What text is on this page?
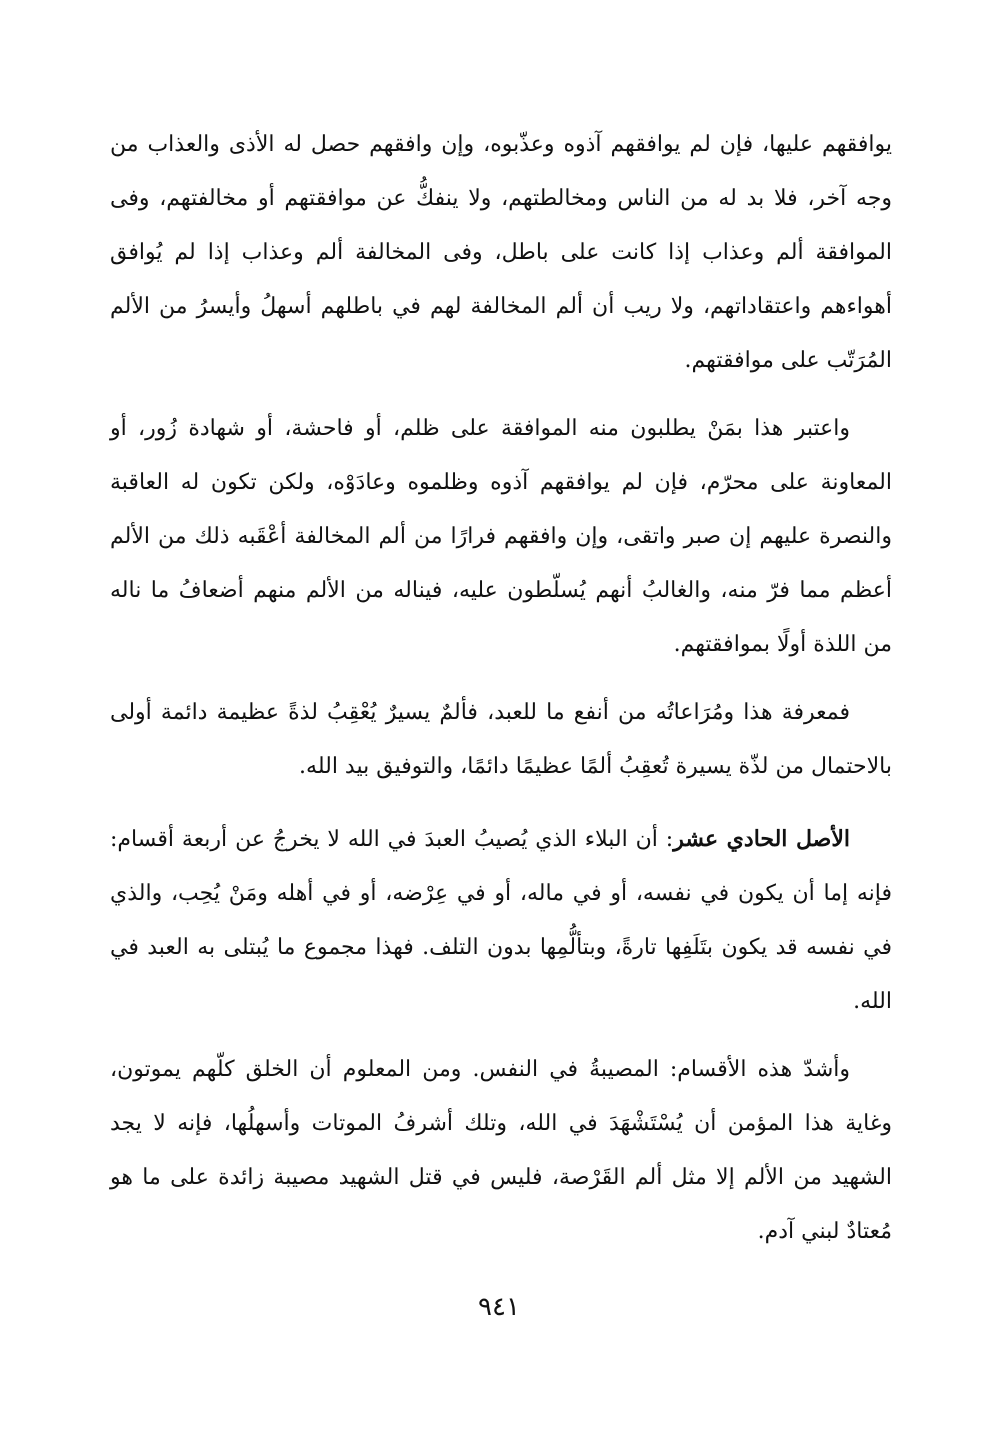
يوافقهم عليها، فإن لم يوافقهم آذوه وعذّبوه، وإن وافقهم حصل له الأذى والعذاب من وجه آخر، فلا بد له من الناس ومخالطتهم، ولا ينفكُّ عن موافقتهم أو مخالفتهم، وفى الموافقة ألم وعذاب إذا كانت على باطل، وفى المخالفة ألم وعذاب إذا لم يُوافق أهواءهم واعتقاداتهم، ولا ريب أن ألم المخالفة لهم في باطلهم أسهلُ وأيسرُ من الألم المُرَتّب على موافقتهم.

واعتبر هذا بمَنْ يطلبون منه الموافقة على ظلم، أو فاحشة، أو شهادة زُور، أو المعاونة على محرّم، فإن لم يوافقهم آذوه وظلموه وعادَوْه، ولكن تكون له العاقبة والنصرة عليهم إن صبر واتقى، وإن وافقهم فرارًا من ألم المخالفة أعْقَبه ذلك من الألم أعظم مما فرّ منه، والغالبُ أنهم يُسلّطون عليه، فيناله من الألم منهم أضعافُ ما ناله من اللذة أولًا بموافقتهم.

فمعرفة هذا ومُرَاعاتُه من أنفع ما للعبد، فألمٌ يسيرٌ يُعْقِبُ لذةً عظيمة دائمة أولى بالاحتمال من لذّة يسيرة تُعقِبُ ألمًا عظيمًا دائمًا، والتوفيق بيد الله.

الأصل الحادي عشر: أن البلاء الذي يُصيبُ العبدَ في الله لا يخرجُ عن أربعة أقسام: فإنه إما أن يكون في نفسه، أو في ماله، أو في عِرْضه، أو في أهله ومَنْ يُحِب، والذي في نفسه قد يكون بتَلَفِها تارةً، وبتألُّمِها بدون التلف. فهذا مجموع ما يُبتلى به العبد في الله.

وأشدّ هذه الأقسام: المصيبةُ في النفس. ومن المعلوم أن الخلق كلّهم يموتون، وغاية هذا المؤمن أن يُسْتَشْهَدَ في الله، وتلك أشرفُ الموتات وأسهلُها، فإنه لا يجد الشهيد من الألم إلا مثل ألم القَرْصة، فليس في قتل الشهيد مصيبة زائدة على ما هو مُعتادٌ لبني آدم.

٩٤١
